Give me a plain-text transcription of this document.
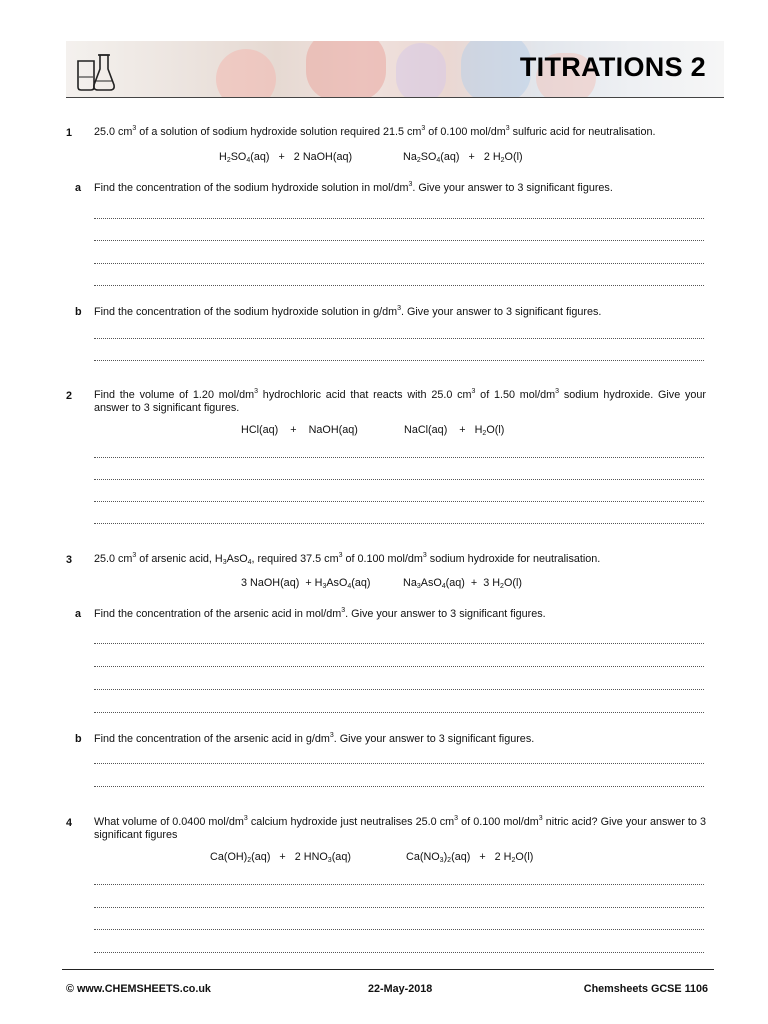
TITRATIONS 2
1 25.0 $cm^3$ of a solution of sodium hydroxide solution required 21.5 $cm^3$ of 0.100 mol/$dm^3$ sulfuric acid for neutralisation.
$H_2SO_4(aq) + 2$ NaOH(aq)	$Na_2SO_4(aq) + 2$ $H_2O(l)$
a Find the concentration of the sodium hydroxide solution in mol/$dm^3$. Give your answer to 3 significant figures.
b Find the concentration of the sodium hydroxide solution in $g/dm^3$. Give your answer to 3 significant figures.
2 Find the volume of 1.20 mol/$dm^3$ hydrochloric acid that reacts with 25.0 $cm^3$ of 1.50 mol/$dm^3$ sodium hydroxide. Give your answer to 3 significant figures.
HCl(aq) + NaOH(aq)	NaCl(aq) + $H_2O(l)$
3 25.0 $cm^3$ of arsenic acid, $H_3AsO_4$, required 37.5 $cm^3$ of 0.100 mol/$dm^3$ sodium hydroxide for neutralisation.
3 NaOH(aq) + $H_3AsO_4(aq)$	$Na_3AsO_4(aq) + 3$ $H_2O(l)$
a Find the concentration of the arsenic acid in mol/$dm^3$. Give your answer to 3 significant figures.
b Find the concentration of the arsenic acid in $g/dm^3$. Give your answer to 3 significant figures.
4 What volume of 0.0400 mol/$dm^3$ calcium hydroxide just neutralises 25.0 $cm^3$ of 0.100 mol/$dm^3$ nitric acid? Give your answer to 3 significant figures
$Ca(OH)_2(aq) + 2$ $HNO_3(aq)$	$Ca(NO_3)_2(aq) + 2$ $H_2O(l)$
© www.CHEMSHEETS.co.uk	22-May-2018	Chemsheets GCSE 1106
